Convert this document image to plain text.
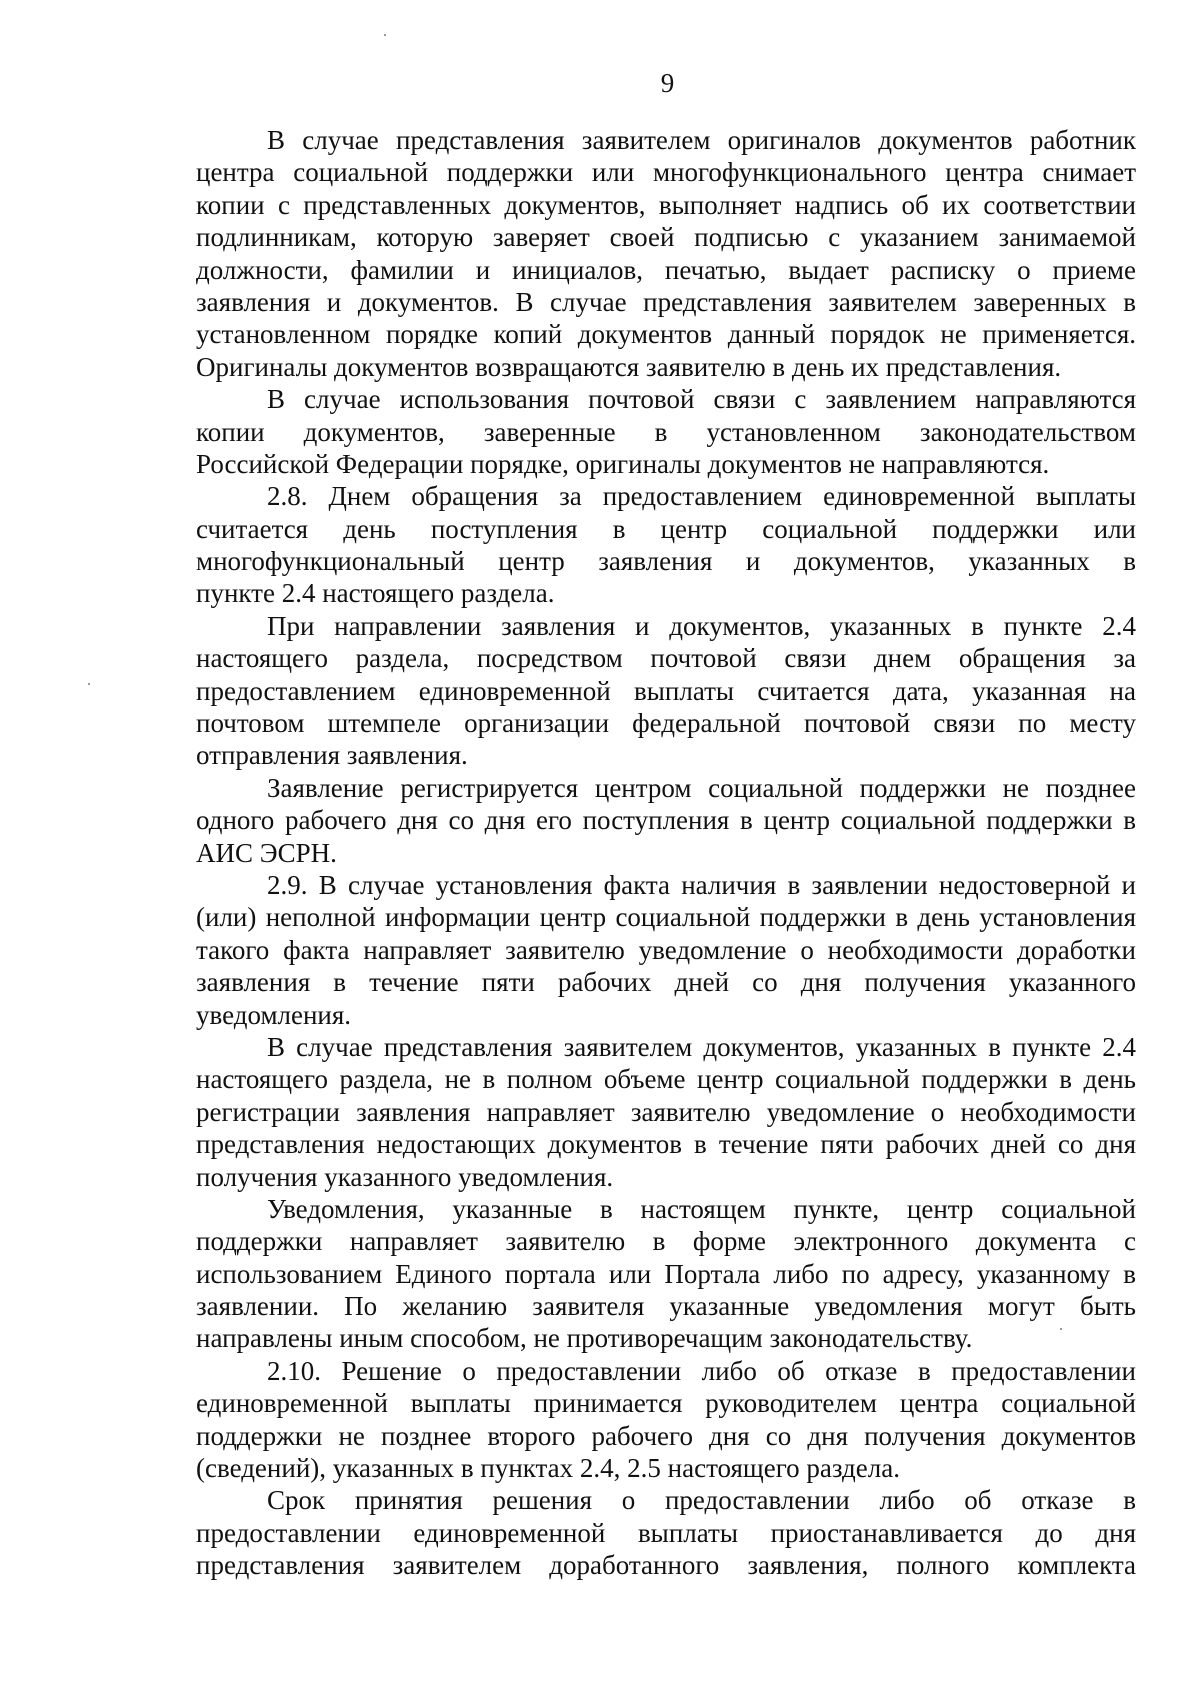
9
В случае представления заявителем оригиналов документов работник
центра социальной поддержки или многофункционального центра снимает
копии с представленных документов, выполняет надпись об их соответствии
подлинникам, которую заверяет своей подписью с указанием занимаемой
должности, фамилии и инициалов, печатью, выдает расписку о приеме
заявления и документов. В случае представления заявителем заверенных в
установленном порядке копий документов данный порядок не применяется.
Оригиналы документов возвращаются заявителю в день их представления.
В случае использования почтовой связи с заявлением направляются
копии документов, заверенные в установленном законодательством
Российской Федерации порядке, оригиналы документов не направляются.
2.8. Днем обращения за предоставлением единовременной выплаты
считается день поступления в центр социальной поддержки или
многофункциональный центр заявления и документов, указанных в
пункте 2.4 настоящего раздела.
При направлении заявления и документов, указанных в пункте 2.4
настоящего раздела, посредством почтовой связи днем обращения за
предоставлением единовременной выплаты считается дата, указанная на
почтовом штемпеле организации федеральной почтовой связи по месту
отправления заявления.
Заявление регистрируется центром социальной поддержки не позднее
одного рабочего дня со дня его поступления в центр социальной поддержки в
АИС ЭСРН.
2.9. В случае установления факта наличия в заявлении недостоверной и
(или) неполной информации центр социальной поддержки в день установления
такого факта направляет заявителю уведомление о необходимости доработки
заявления в течение пяти рабочих дней со дня получения указанного
уведомления.
В случае представления заявителем документов, указанных в пункте 2.4
настоящего раздела, не в полном объеме центр социальной поддержки в день
регистрации заявления направляет заявителю уведомление о необходимости
представления недостающих документов в течение пяти рабочих дней со дня
получения указанного уведомления.
Уведомления, указанные в настоящем пункте, центр социальной
поддержки направляет заявителю в форме электронного документа с
использованием Единого портала или Портала либо по адресу, указанному в
заявлении. По желанию заявителя указанные уведомления могут быть
направлены иным способом, не противоречащим законодательству.
2.10. Решение о предоставлении либо об отказе в предоставлении
единовременной выплаты принимается руководителем центра социальной
поддержки не позднее второго рабочего дня со дня получения документов
(сведений), указанных в пунктах 2.4, 2.5 настоящего раздела.
Срок принятия решения о предоставлении либо об отказе в
предоставлении единовременной выплаты приостанавливается до дня
представления заявителем доработанного заявления, полного комплекта
